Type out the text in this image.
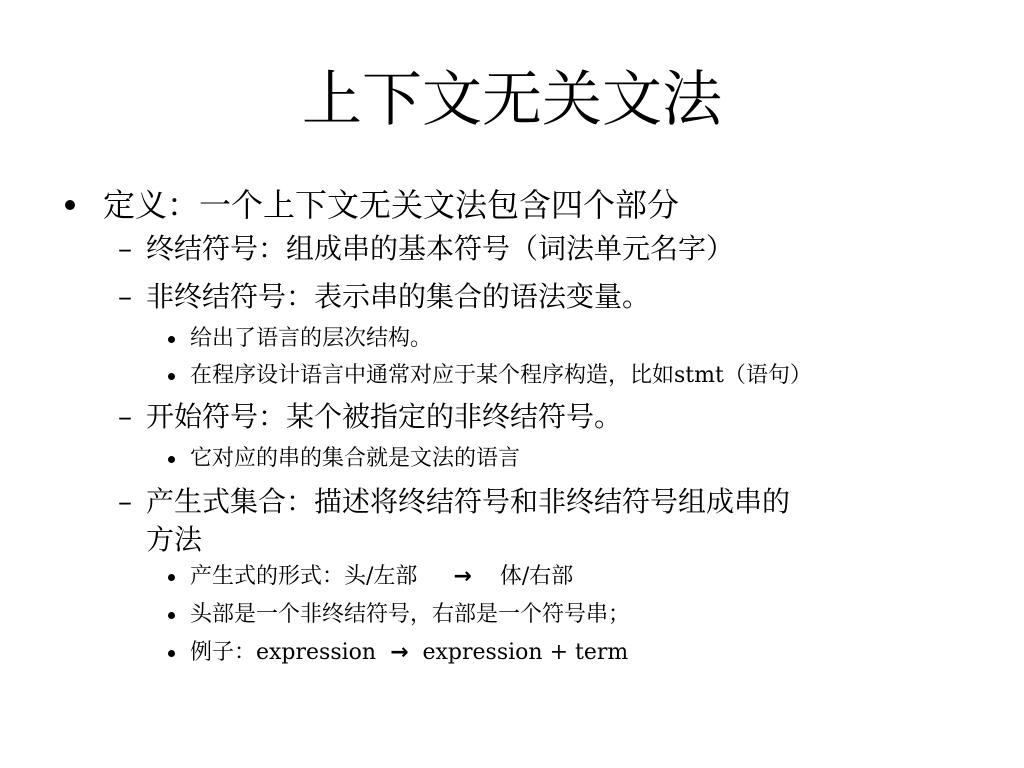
上下文无关文法
定义：一个上下文无关文法包含四个部分
– 终结符号：组成串的基本符号（词法单元名字）
– 非终结符号：表示串的集合的语法变量。
给出了语言的层次结构。
在程序设计语言中通常对应于某个程序构造，比如stmt（语句）
– 开始符号：某个被指定的非终结符号。
它对应的串的集合就是文法的语言
– 产生式集合：描述将终结符号和非终结符号组成串的
方法
产生式的形式：头/左部 → 体/右部
头部是一个非终结符号，右部是一个符号串；
例子：expression  →  expression + term
